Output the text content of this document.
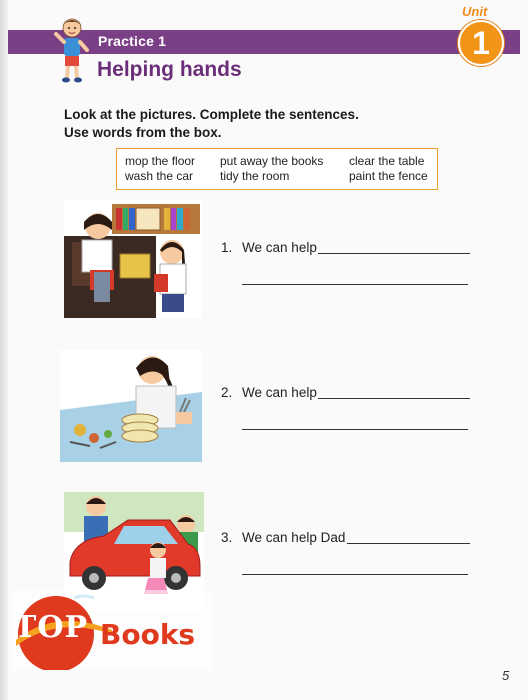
Practice 1
Helping hands
Unit
1
Look at the pictures. Complete the sentences.
Use words from the box.
mop the floor put away the books clear the table
wash the car tidy the room	paint the fence
1. We can help
2. We can help
3. We can help Dad
TOP Books
5
